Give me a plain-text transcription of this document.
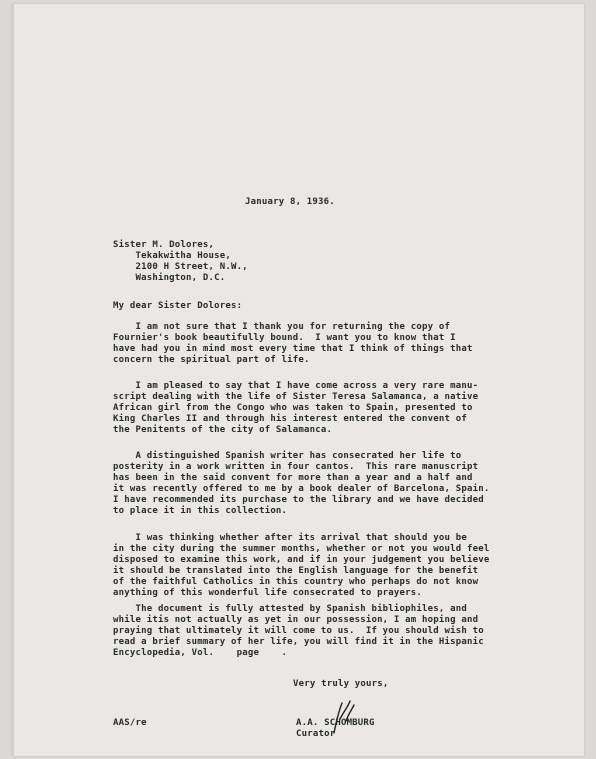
January 8, 1936.
Sister M. Dolores,
Tekakwitha House,
2100 H Street, N.W.,
Washington, D.C.
My dear Sister Dolores:
I am not sure that I thank you for returning the copy of
Fournier's book beautifully bound.  I want you to know that I
have had you in mind most every time that I think of things that
concern the spiritual part of life.
I am pleased to say that I have come across a very rare manu-
script dealing with the life of Sister Teresa Salamanca, a native
African girl from the Congo who was taken to Spain, presented to
King Charles II and through his interest entered the convent of
the Penitents of the city of Salamanca.
A distinguished Spanish writer has consecrated her life to
posterity in a work written in four cantos.  This rare manuscript
has been in the said convent for more than a year and a half and
it was recently offered to me by a book dealer of Barcelona, Spain.
I have recommended its purchase to the library and we have decided
to place it in this collection.
I was thinking whether after its arrival that should you be
in the city during the summer months, whether or not you would feel
disposed to examine this work, and if in your judgement you believe
it should be translated into the English language for the benefit
of the faithful Catholics in this country who perhaps do not know
anything of this wonderful life consecrated to prayers.
The document is fully attested by Spanish bibliophiles, and
while itis not actually as yet in our possession, I am hoping and
praying that ultimately it will come to us.  If you should wish to
read a brief summary of her life, you will find it in the Hispanic
Encyclopedia, Vol.    page    .
Very truly yours,
AAS/re	A.A. SCHOMBURG
Curator
